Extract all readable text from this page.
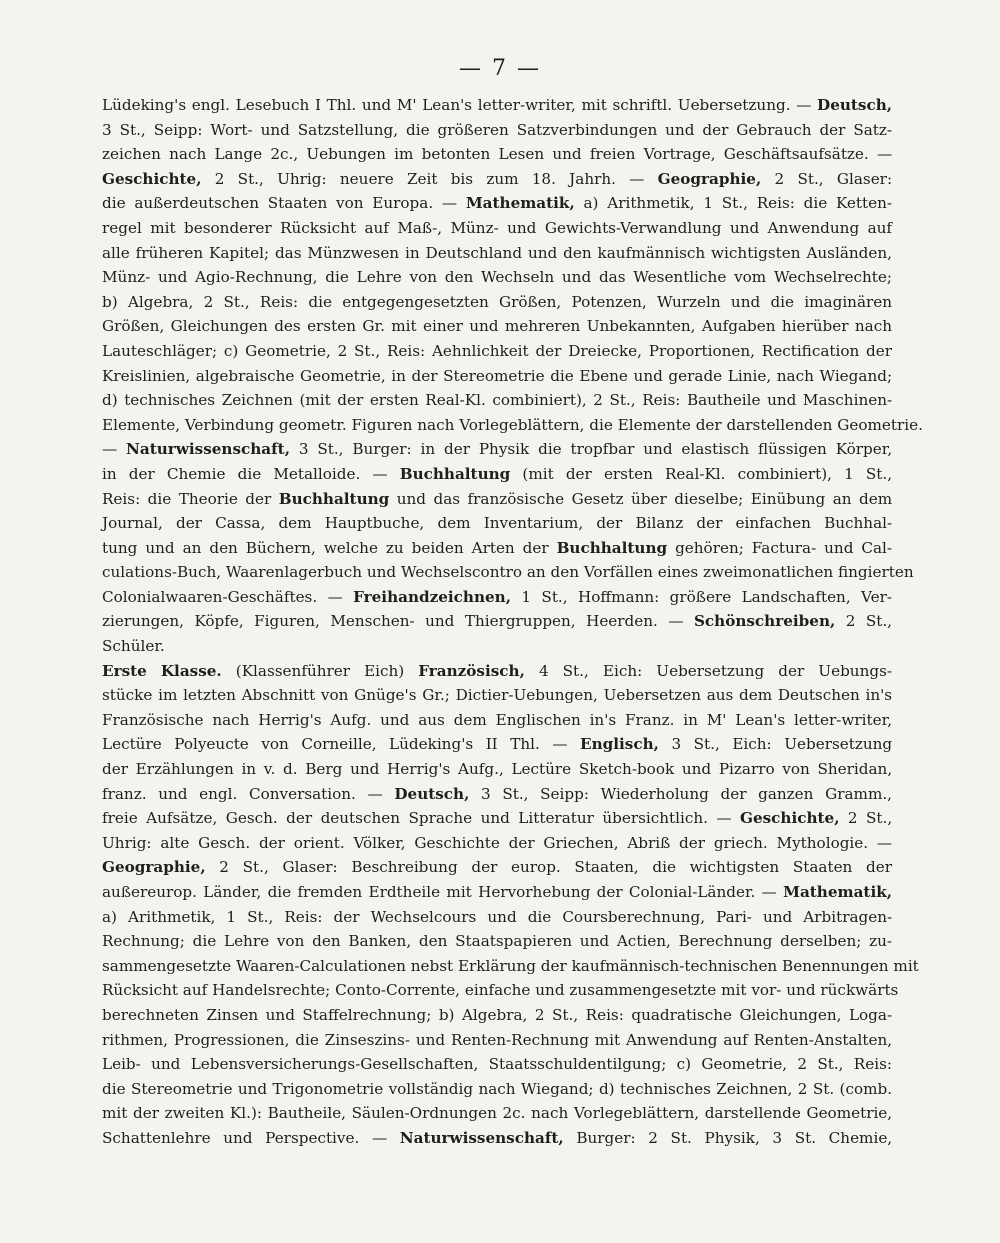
— 7 —
Lüdeking's engl. Lesebuch I Thl. und M' Lean's letter-writer, mit schriftl. Uebersetzung. — Deutsch,
3 St., Seipp: Wort- und Satzstellung, die größeren Satzverbindungen und der Gebrauch der Satz-
zeichen nach Lange 2c., Uebungen im betonten Lesen und freien Vortrage, Geschäftsaufsätze. —
Geschichte, 2 St., Uhrig: neuere Zeit bis zum 18. Jahrh. — Geographie, 2 St., Glaser:
die außerdeutschen Staaten von Europa. — Mathematik, a) Arithmetik, 1 St., Reis: die Ketten-
regel mit besonderer Rücksicht auf Maß-, Münz- und Gewichts-Verwandlung und Anwendung auf
alle früheren Kapitel; das Münzwesen in Deutschland und den kaufmännisch wichtigsten Ausländen,
Münz- und Agio-Rechnung, die Lehre von den Wechseln und das Wesentliche vom Wechselrechte;
b) Algebra, 2 St., Reis: die entgegengesetzten Größen, Potenzen, Wurzeln und die imaginären
Größen, Gleichungen des ersten Gr. mit einer und mehreren Unbekannten, Aufgaben hierüber nach
Lauteschläger; c) Geometrie, 2 St., Reis: Aehnlichkeit der Dreiecke, Proportionen, Rectification der
Kreislinien, algebraische Geometrie, in der Stereometrie die Ebene und gerade Linie, nach Wiegand;
d) technisches Zeichnen (mit der ersten Real-Kl. combiniert), 2 St., Reis: Bautheile und Maschinen-
Elemente, Verbindung geometr. Figuren nach Vorlegeblättern, die Elemente der darstellenden Geometrie.
— Naturwissenschaft, 3 St., Burger: in der Physik die tropfbar und elastisch flüssigen Körper,
in der Chemie die Metalloide. — Buchhaltung (mit der ersten Real-Kl. combiniert), 1 St.,
Reis: die Theorie der Buchhaltung und das französische Gesetz über dieselbe; Einübung an dem
Journal, der Cassa, dem Hauptbuche, dem Inventarium, der Bilanz der einfachen Buchhal-
tung und an den Büchern, welche zu beiden Arten der Buchhaltung gehören; Factura- und Cal-
culations-Buch, Waarenlagerbuch und Wechselscontro an den Vorfällen eines zweimonatlichen fingierten
Colonialwaaren-Geschäftes. — Freihandzeichnen, 1 St., Hoffmann: größere Landschaften, Ver-
zierungen, Köpfe, Figuren, Menschen- und Thiergruppen, Heerden. — Schönschreiben, 2 St.,
Schüler.
Erste Klasse. (Klassenführer Eich) Französisch, 4 St., Eich: Uebersetzung der Uebungs-
stücke im letzten Abschnitt von Gnüge's Gr.; Dictier-Uebungen, Uebersetzen aus dem Deutschen in's
Französische nach Herrig's Aufg. und aus dem Englischen in's Franz. in M' Lean's letter-writer,
Lectüre Polyeucte von Corneille, Lüdeking's II Thl. — Englisch, 3 St., Eich: Uebersetzung
der Erzählungen in v. d. Berg und Herrig's Aufg., Lectüre Sketch-book und Pizarro von Sheridan,
franz. und engl. Conversation. — Deutsch, 3 St., Seipp: Wiederholung der ganzen Gramm.,
freie Aufsätze, Gesch. der deutschen Sprache und Litteratur übersichtlich. — Geschichte, 2 St.,
Uhrig: alte Gesch. der orient. Völker, Geschichte der Griechen, Abriß der griech. Mythologie. —
Geographie, 2 St., Glaser: Beschreibung der europ. Staaten, die wichtigsten Staaten der
außereurop. Länder, die fremden Erdtheile mit Hervorhebung der Colonial-Länder. — Mathematik,
a) Arithmetik, 1 St., Reis: der Wechselcours und die Coursberechnung, Pari- und Arbitragen-
Rechnung; die Lehre von den Banken, den Staatspapieren und Actien, Berechnung derselben; zu-
sammengesetzte Waaren-Calculationen nebst Erklärung der kaufmännisch-technischen Benennungen mit
Rücksicht auf Handelsrechte; Conto-Corrente, einfache und zusammengesetzte mit vor- und rückwärts
berechneten Zinsen und Staffelrechnung; b) Algebra, 2 St., Reis: quadratische Gleichungen, Loga-
rithmen, Progressionen, die Zinseszins- und Renten-Rechnung mit Anwendung auf Renten-Anstalten,
Leib- und Lebensversicherungs-Gesellschaften, Staatsschuldentilgung; c) Geometrie, 2 St., Reis:
die Stereometrie und Trigonometrie vollständig nach Wiegand; d) technisches Zeichnen, 2 St. (comb.
mit der zweiten Kl.): Bautheile, Säulen-Ordnungen 2c. nach Vorlegeblättern, darstellende Geometrie,
Schattenlehre und Perspective. — Naturwissenschaft, Burger: 2 St. Physik, 3 St. Chemie,
